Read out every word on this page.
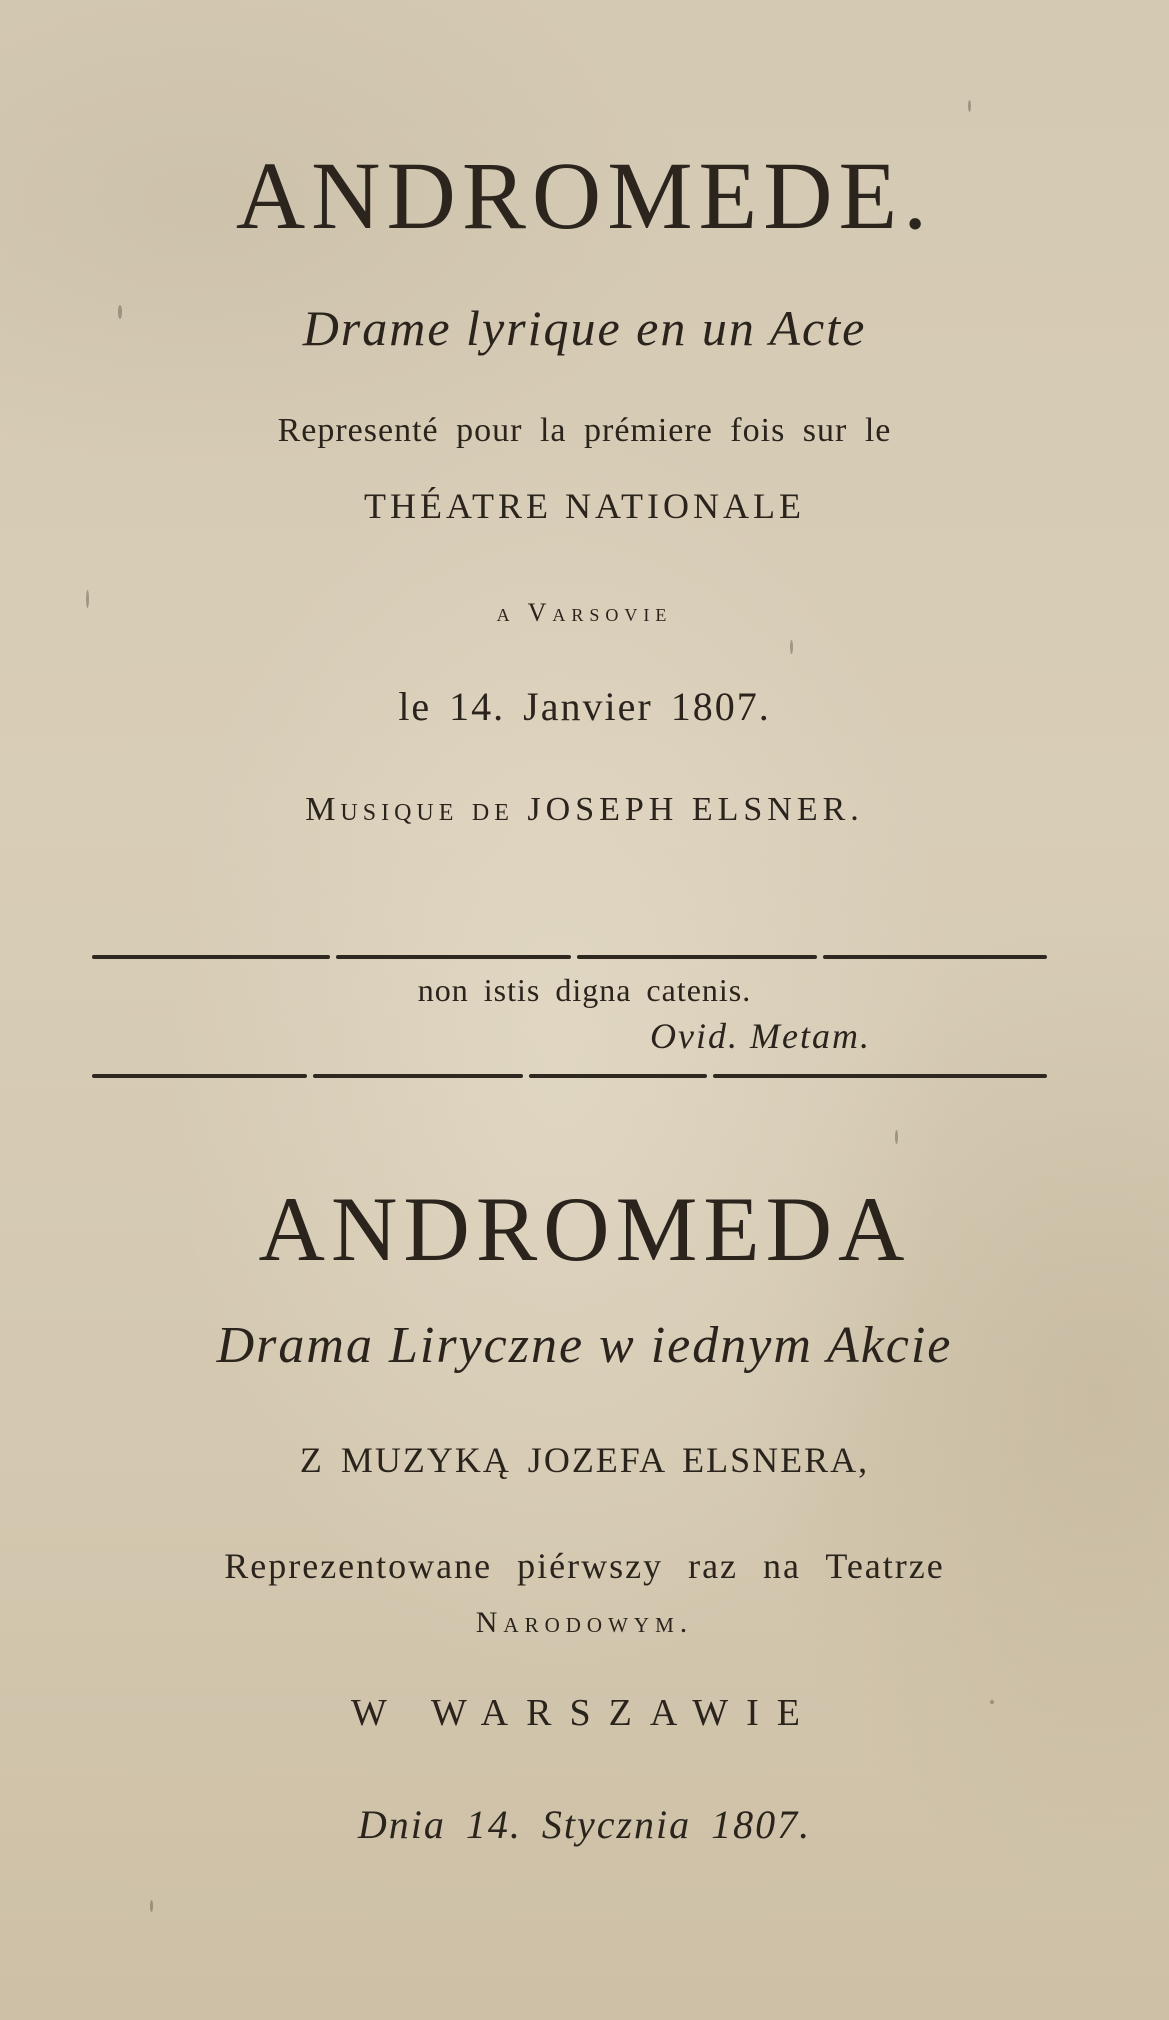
ANDROMEDE.
Drame lyrique en un Acte
Representé pour la prémiere fois sur le
THÉATRE NATIONALE
a Varsovie
le 14. Janvier 1807.
Musique de JOSEPH ELSNER.
non istis digna catenis.
Ovid. Metam.
ANDROMEDA
Drama Liryczne w iednym Akcie
Z MUZYKĄ JOZEFA ELSNERA,
Reprezentowane piérwszy raz na Teatrze
Narodowym.
W WARSZAWIE
Dnia 14. Stycznia 1807.
